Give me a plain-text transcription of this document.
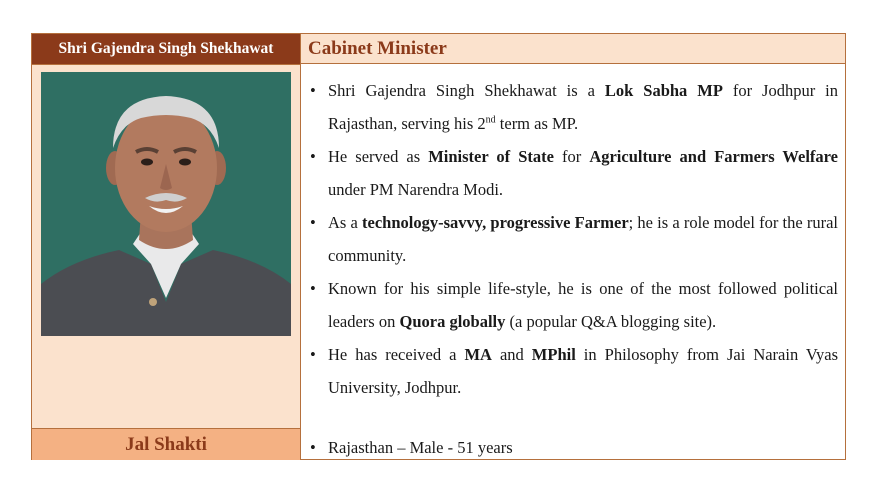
Shri Gajendra Singh Shekhawat
Jal Shakti
Cabinet Minister
• Shri Gajendra Singh Shekhawat is a Lok Sabha MP for Jodhpur in Rajasthan, serving his 2nd term as MP.
• He served as Minister of State for Agriculture and Farmers Welfare under PM Narendra Modi.
• As a technology-savvy, progressive Farmer; he is a role model for the rural community.
• Known for his simple life-style, he is one of the most followed political leaders on Quora globally (a popular Q&A blogging site).
• He has received a MA and MPhil in Philosophy from Jai Narain Vyas University, Jodhpur.
• Rajasthan – Male - 51 years
